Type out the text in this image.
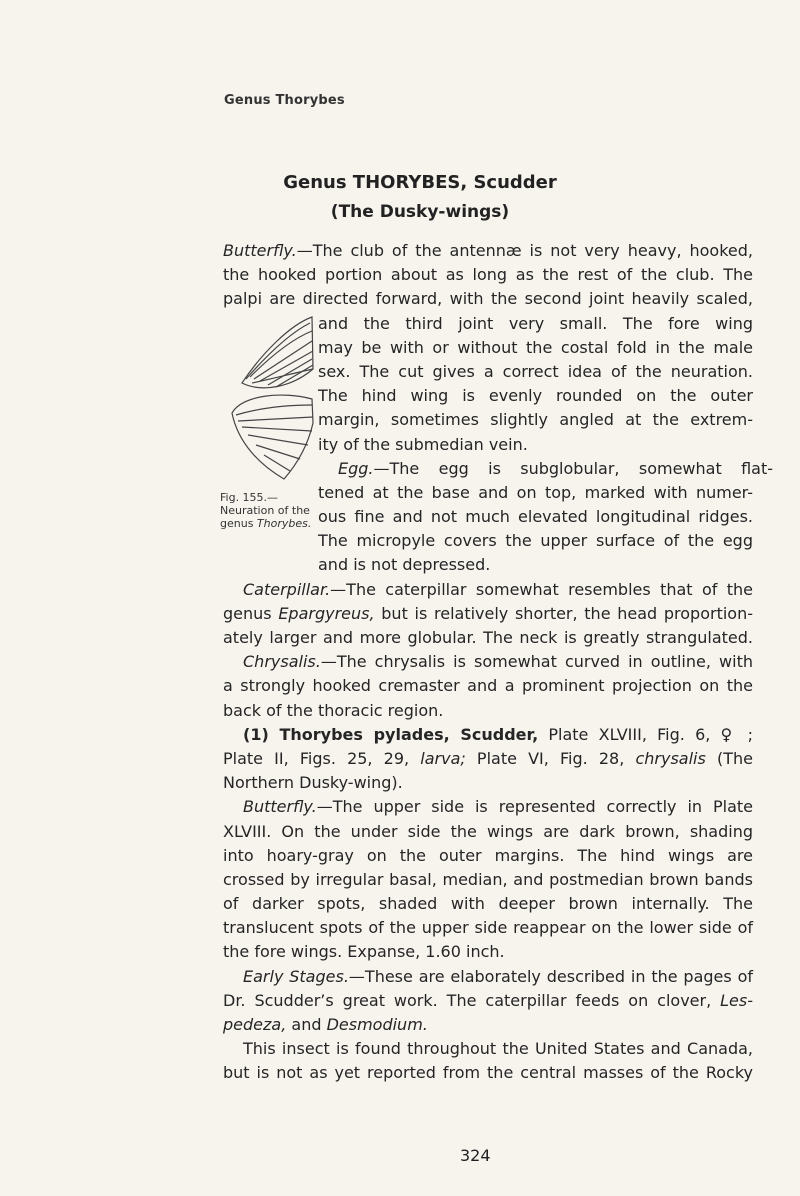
Genus Thorybes
Genus THORYBES, Scudder
(The Dusky-wings)
Fig. 155.—
Neuration of the
genus Thorybes.
Butterfly.—The club of the antennæ is not very heavy, hooked,
the hooked portion about as long as the rest of the club. The
palpi are directed forward, with the second joint heavily scaled,
and the third joint very small. The fore wing
may be with or without the costal fold in the male
sex. The cut gives a correct idea of the neuration.
The hind wing is evenly rounded on the outer
margin, sometimes slightly angled at the extrem-
ity of the submedian vein.
Egg.—The egg is subglobular, somewhat flat-
tened at the base and on top, marked with numer-
ous fine and not much elevated longitudinal ridges.
The micropyle covers the upper surface of the egg
and is not depressed.
Caterpillar.—The caterpillar somewhat resembles that of the
genus Epargyreus, but is relatively shorter, the head proportion-
ately larger and more globular. The neck is greatly strangulated.
Chrysalis.—The chrysalis is somewhat curved in outline, with
a strongly hooked cremaster and a prominent projection on the
back of the thoracic region.
(1) Thorybes pylades, Scudder, Plate XLVIII, Fig. 6, ♀ ;
Plate II, Figs. 25, 29, larva; Plate VI, Fig. 28, chrysalis (The
Northern Dusky-wing).
Butterfly.—The upper side is represented correctly in Plate
XLVIII. On the under side the wings are dark brown, shading
into hoary-gray on the outer margins. The hind wings are
crossed by irregular basal, median, and postmedian brown bands
of darker spots, shaded with deeper brown internally. The
translucent spots of the upper side reappear on the lower side of
the fore wings. Expanse, 1.60 inch.
Early Stages.—These are elaborately described in the pages of
Dr. Scudder’s great work. The caterpillar feeds on clover, Les-
pedeza, and Desmodium.
This insect is found throughout the United States and Canada,
but is not as yet reported from the central masses of the Rocky
324
